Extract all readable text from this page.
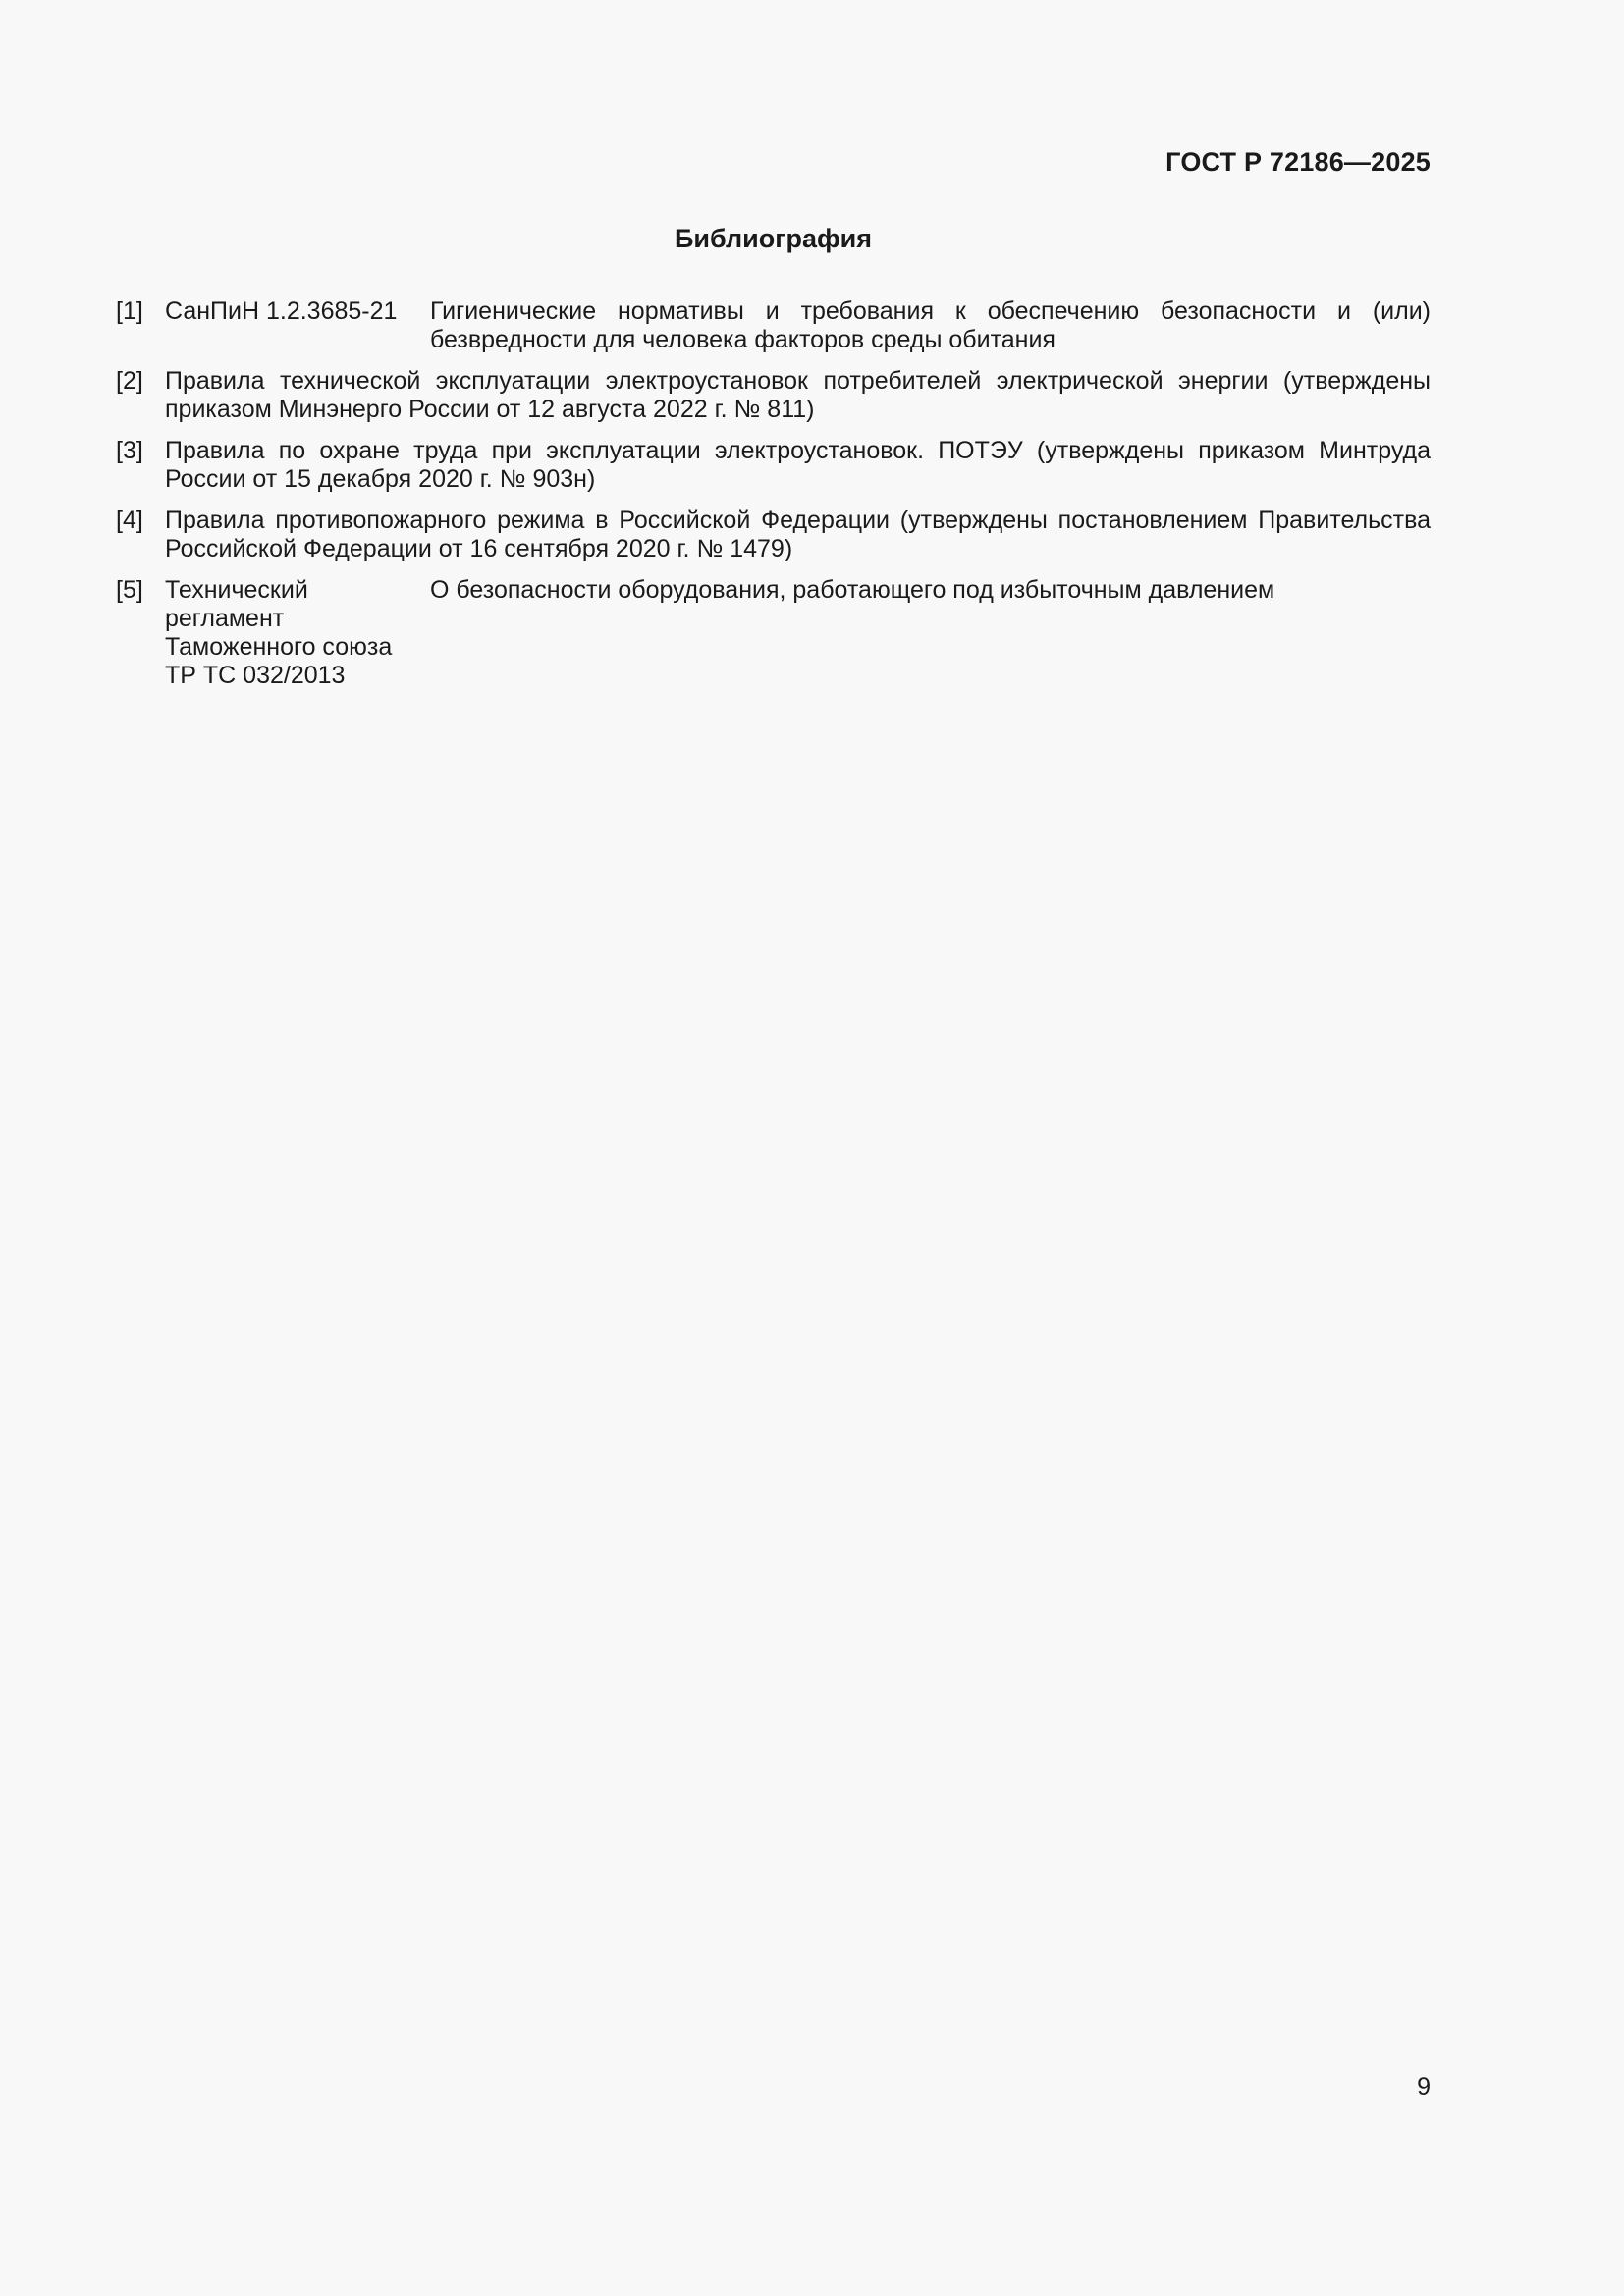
ГОСТ Р 72186—2025
Библиография
[1] СанПиН 1.2.3685-21	Гигиенические нормативы и требования к обеспечению безопасности и (или) безвредности для человека факторов среды обитания
[2] Правила технической эксплуатации электроустановок потребителей электрической энергии (утверждены приказом Минэнерго России от 12 августа 2022 г. № 811)
[3] Правила по охране труда при эксплуатации электроустановок. ПОТЭУ (утверждены приказом Минтруда России от 15 декабря 2020 г. № 903н)
[4] Правила противопожарного режима в Российской Федерации (утверждены постановлением Правительства Российской Федерации от 16 сентября 2020 г. № 1479)
[5] Технический
регламент
Таможенного союза
ТР ТС 032/2013
О безопасности оборудования, работающего под избыточным давлением
9
